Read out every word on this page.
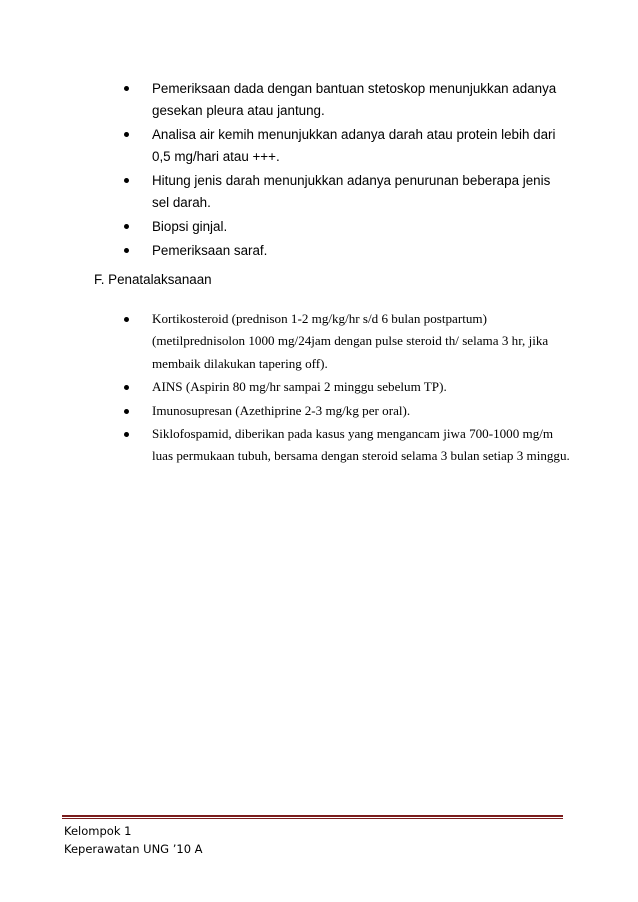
Pemeriksaan dada dengan bantuan stetoskop menunjukkan adanya gesekan pleura atau jantung.
Analisa air kemih menunjukkan adanya darah atau protein lebih dari 0,5 mg/hari atau +++.
Hitung jenis darah menunjukkan adanya penurunan beberapa jenis sel darah.
Biopsi ginjal.
Pemeriksaan saraf.
F. Penatalaksanaan
Kortikosteroid (prednison 1-2 mg/kg/hr s/d 6 bulan postpartum) (metilprednisolon 1000 mg/24jam dengan pulse steroid th/ selama 3 hr, jika membaik dilakukan tapering off).
AINS (Aspirin 80 mg/hr sampai 2 minggu sebelum TP).
Imunosupresan (Azethiprine 2-3 mg/kg per oral).
Siklofospamid, diberikan pada kasus yang mengancam jiwa 700-1000 mg/m luas permukaan tubuh, bersama dengan steroid selama 3 bulan setiap 3 minggu.
Kelompok 1
Keperawatan UNG ’10 A
